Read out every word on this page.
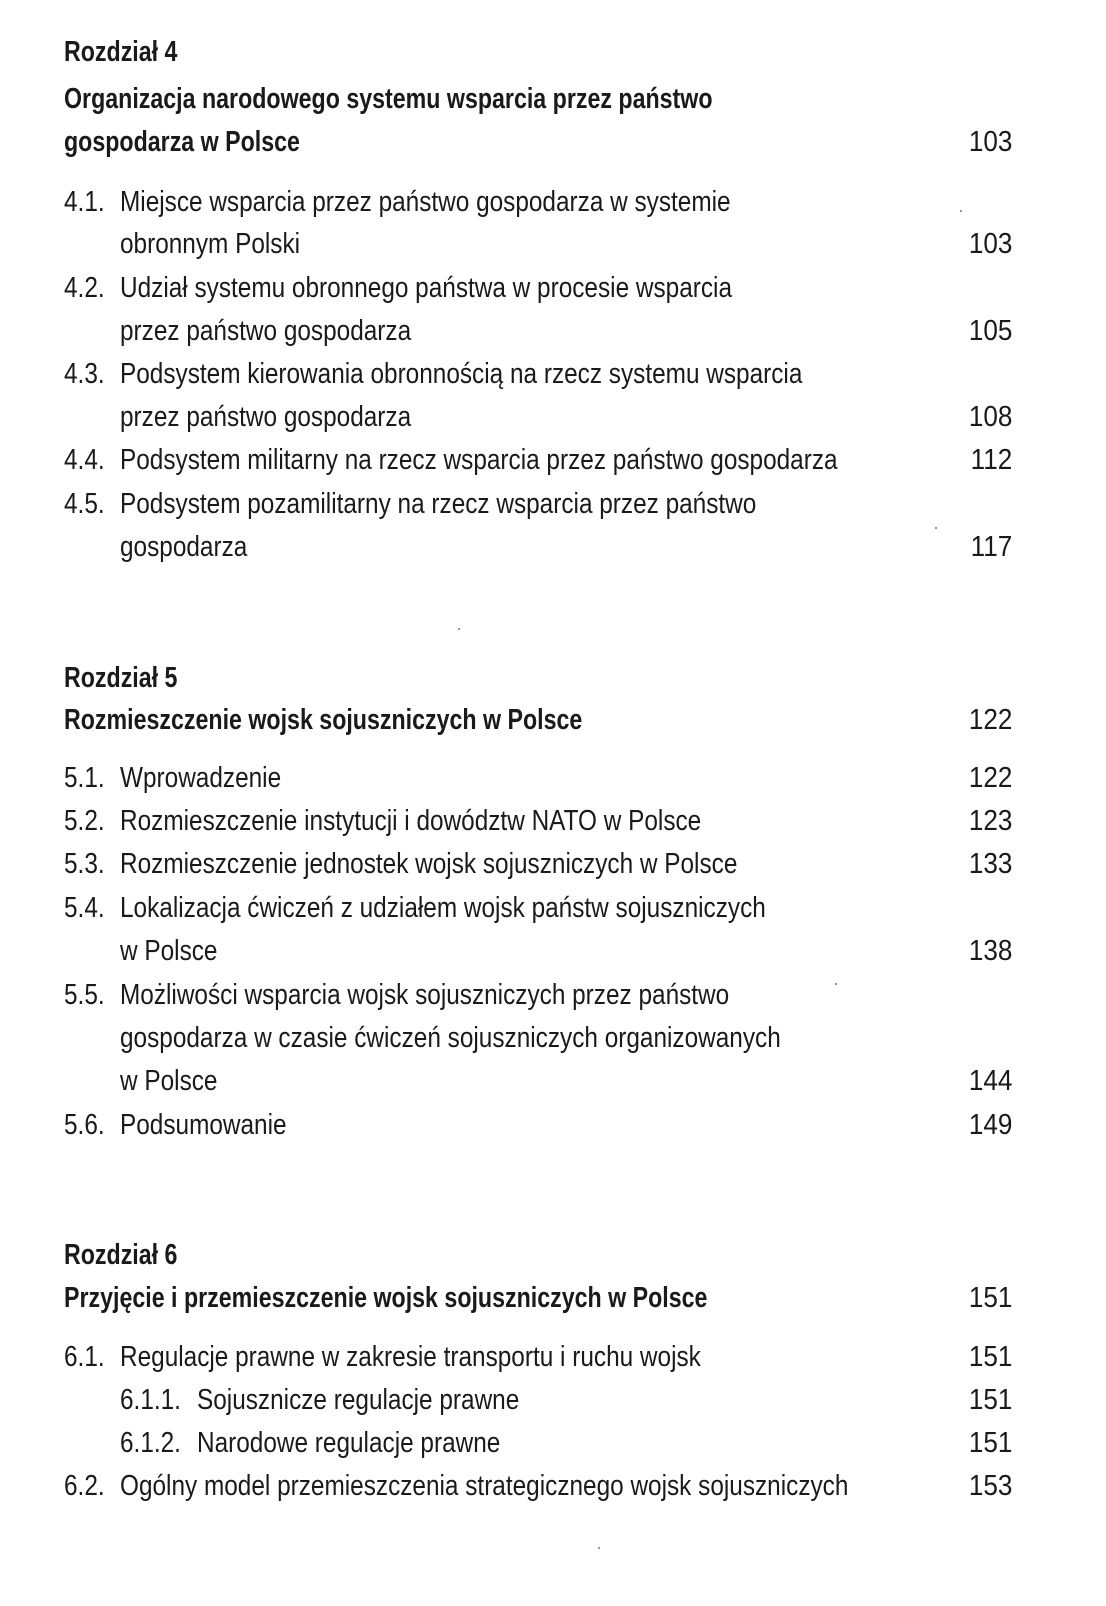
Rozdział 4
Organizacja narodowego systemu wsparcia przez państwo
gospodarza w Polsce	103
4.1. Miejsce wsparcia przez państwo gospodarza w systemie
obronnym Polski	103
4.2. Udział systemu obronnego państwa w procesie wsparcia
przez państwo gospodarza	105
4.3. Podsystem kierowania obronnością na rzecz systemu wsparcia
przez państwo gospodarza	108
4.4. Podsystem militarny na rzecz wsparcia przez państwo gospodarza	112
4.5. Podsystem pozamilitarny na rzecz wsparcia przez państwo
gospodarza	117
Rozdział 5
Rozmieszczenie wojsk sojuszniczych w Polsce	122
5.1. Wprowadzenie	122
5.2. Rozmieszczenie instytucji i dowództw NATO w Polsce	123
5.3. Rozmieszczenie jednostek wojsk sojuszniczych w Polsce	133
5.4. Lokalizacja ćwiczeń z udziałem wojsk państw sojuszniczych
w Polsce	138
5.5. Możliwości wsparcia wojsk sojuszniczych przez państwo
gospodarza w czasie ćwiczeń sojuszniczych organizowanych
w Polsce	144
5.6. Podsumowanie	149
Rozdział 6
Przyjęcie i przemieszczenie wojsk sojuszniczych w Polsce	151
6.1. Regulacje prawne w zakresie transportu i ruchu wojsk	151
6.1.1. Sojusznicze regulacje prawne	151
6.1.2. Narodowe regulacje prawne	151
6.2. Ogólny model przemieszczenia strategicznego wojsk sojuszniczych	153
